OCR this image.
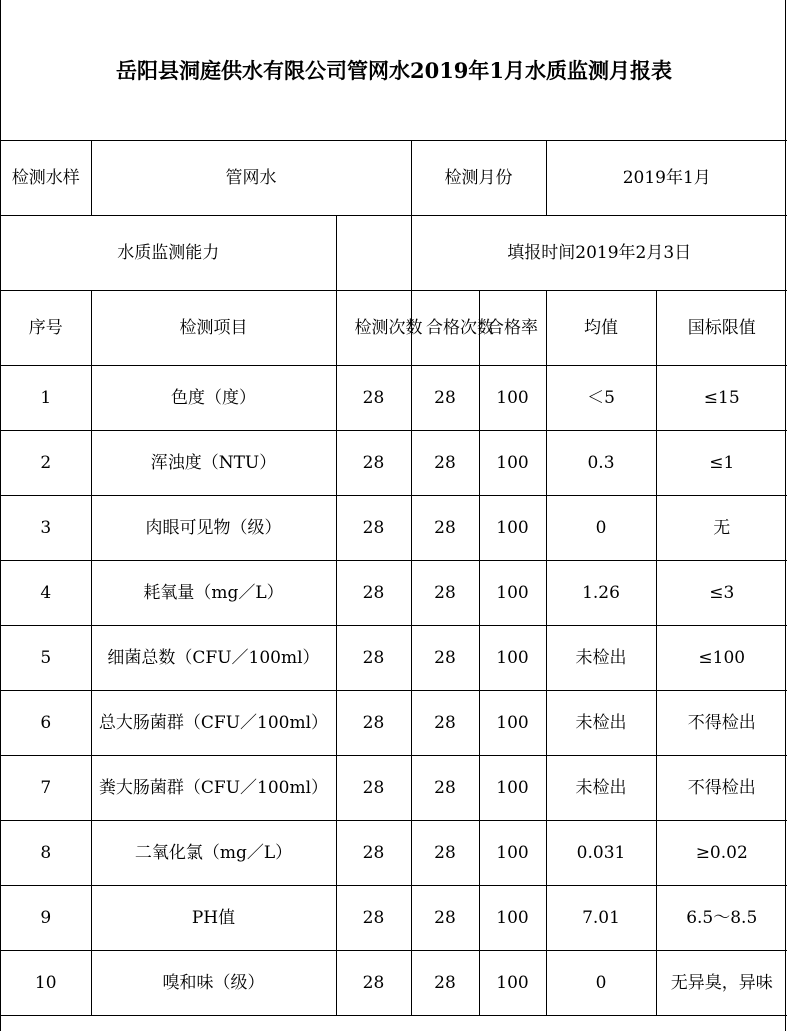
岳阳县洞庭供水有限公司管网水2019年1月水质监测月报表
检测水样	管网水		检测月份		2019年1月	
水质监测能力			填报时间2019年2月3日			
序号	检测项目	检测次数	合格次数	合格率	均值	国标限值
1	色度（度）	28	28	100	＜5	≤15
2	浑浊度（NTU）	28	28	100	0.3	≤1
3	肉眼可见物（级）	28	28	100	0	无
4	耗氧量（mg／L）	28	28	100	1.26	≤3
5	细菌总数（CFU／100ml）	28	28	100	未检出	≤100
6	总大肠菌群（CFU／100ml）	28	28	100	未检出	不得检出
7	粪大肠菌群（CFU／100ml）	28	28	100	未检出	不得检出
8	二氧化氯（mg／L）	28	28	100	0.031	≥0.02
9	PH值	28	28	100	7.01	6.5～8.5
10	嗅和味（级）	28	28	100	0	无异臭，异味
